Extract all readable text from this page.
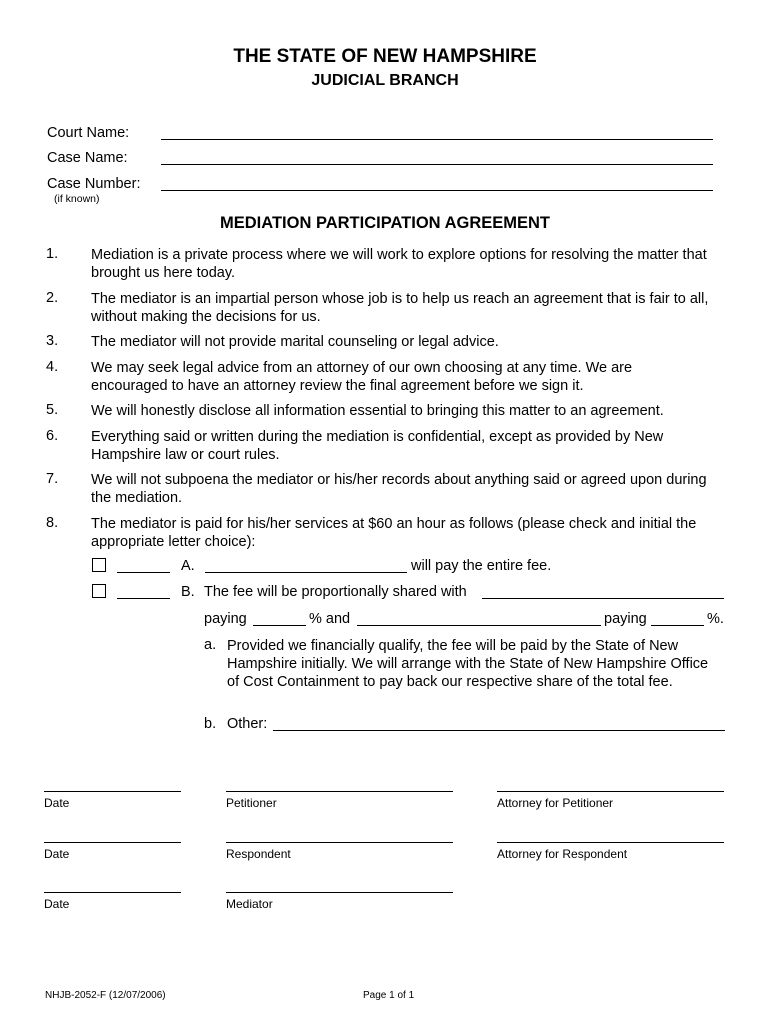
THE STATE OF NEW HAMPSHIRE
JUDICIAL BRANCH
Court Name:
Case Name:
Case Number:
(if known)
MEDIATION PARTICIPATION AGREEMENT
1. Mediation is a private process where we will work to explore options for resolving the matter that brought us here today.
2. The mediator is an impartial person whose job is to help us reach an agreement that is fair to all, without making the decisions for us.
3. The mediator will not provide marital counseling or legal advice.
4. We may seek legal advice from an attorney of our own choosing at any time. We are encouraged to have an attorney review the final agreement before we sign it.
5. We will honestly disclose all information essential to bringing this matter to an agreement.
6. Everything said or written during the mediation is confidential, except as provided by New Hampshire law or court rules.
7. We will not subpoena the mediator or his/her records about anything said or agreed upon during the mediation.
8. The mediator is paid for his/her services at $60 an hour as follows (please check and initial the appropriate letter choice):
A.	will pay the entire fee.
B. The fee will be proportionally shared with
paying	% and	paying	%.
a. Provided we financially qualify, the fee will be paid by the State of New Hampshire initially. We will arrange with the State of New Hampshire Office of Cost Containment to pay back our respective share of the total fee.
b. Other:
Date	Petitioner	Attorney for Petitioner
Date	Respondent	Attorney for Respondent
Date	Mediator
NHJB-2052-F (12/07/2006)	Page 1 of 1
